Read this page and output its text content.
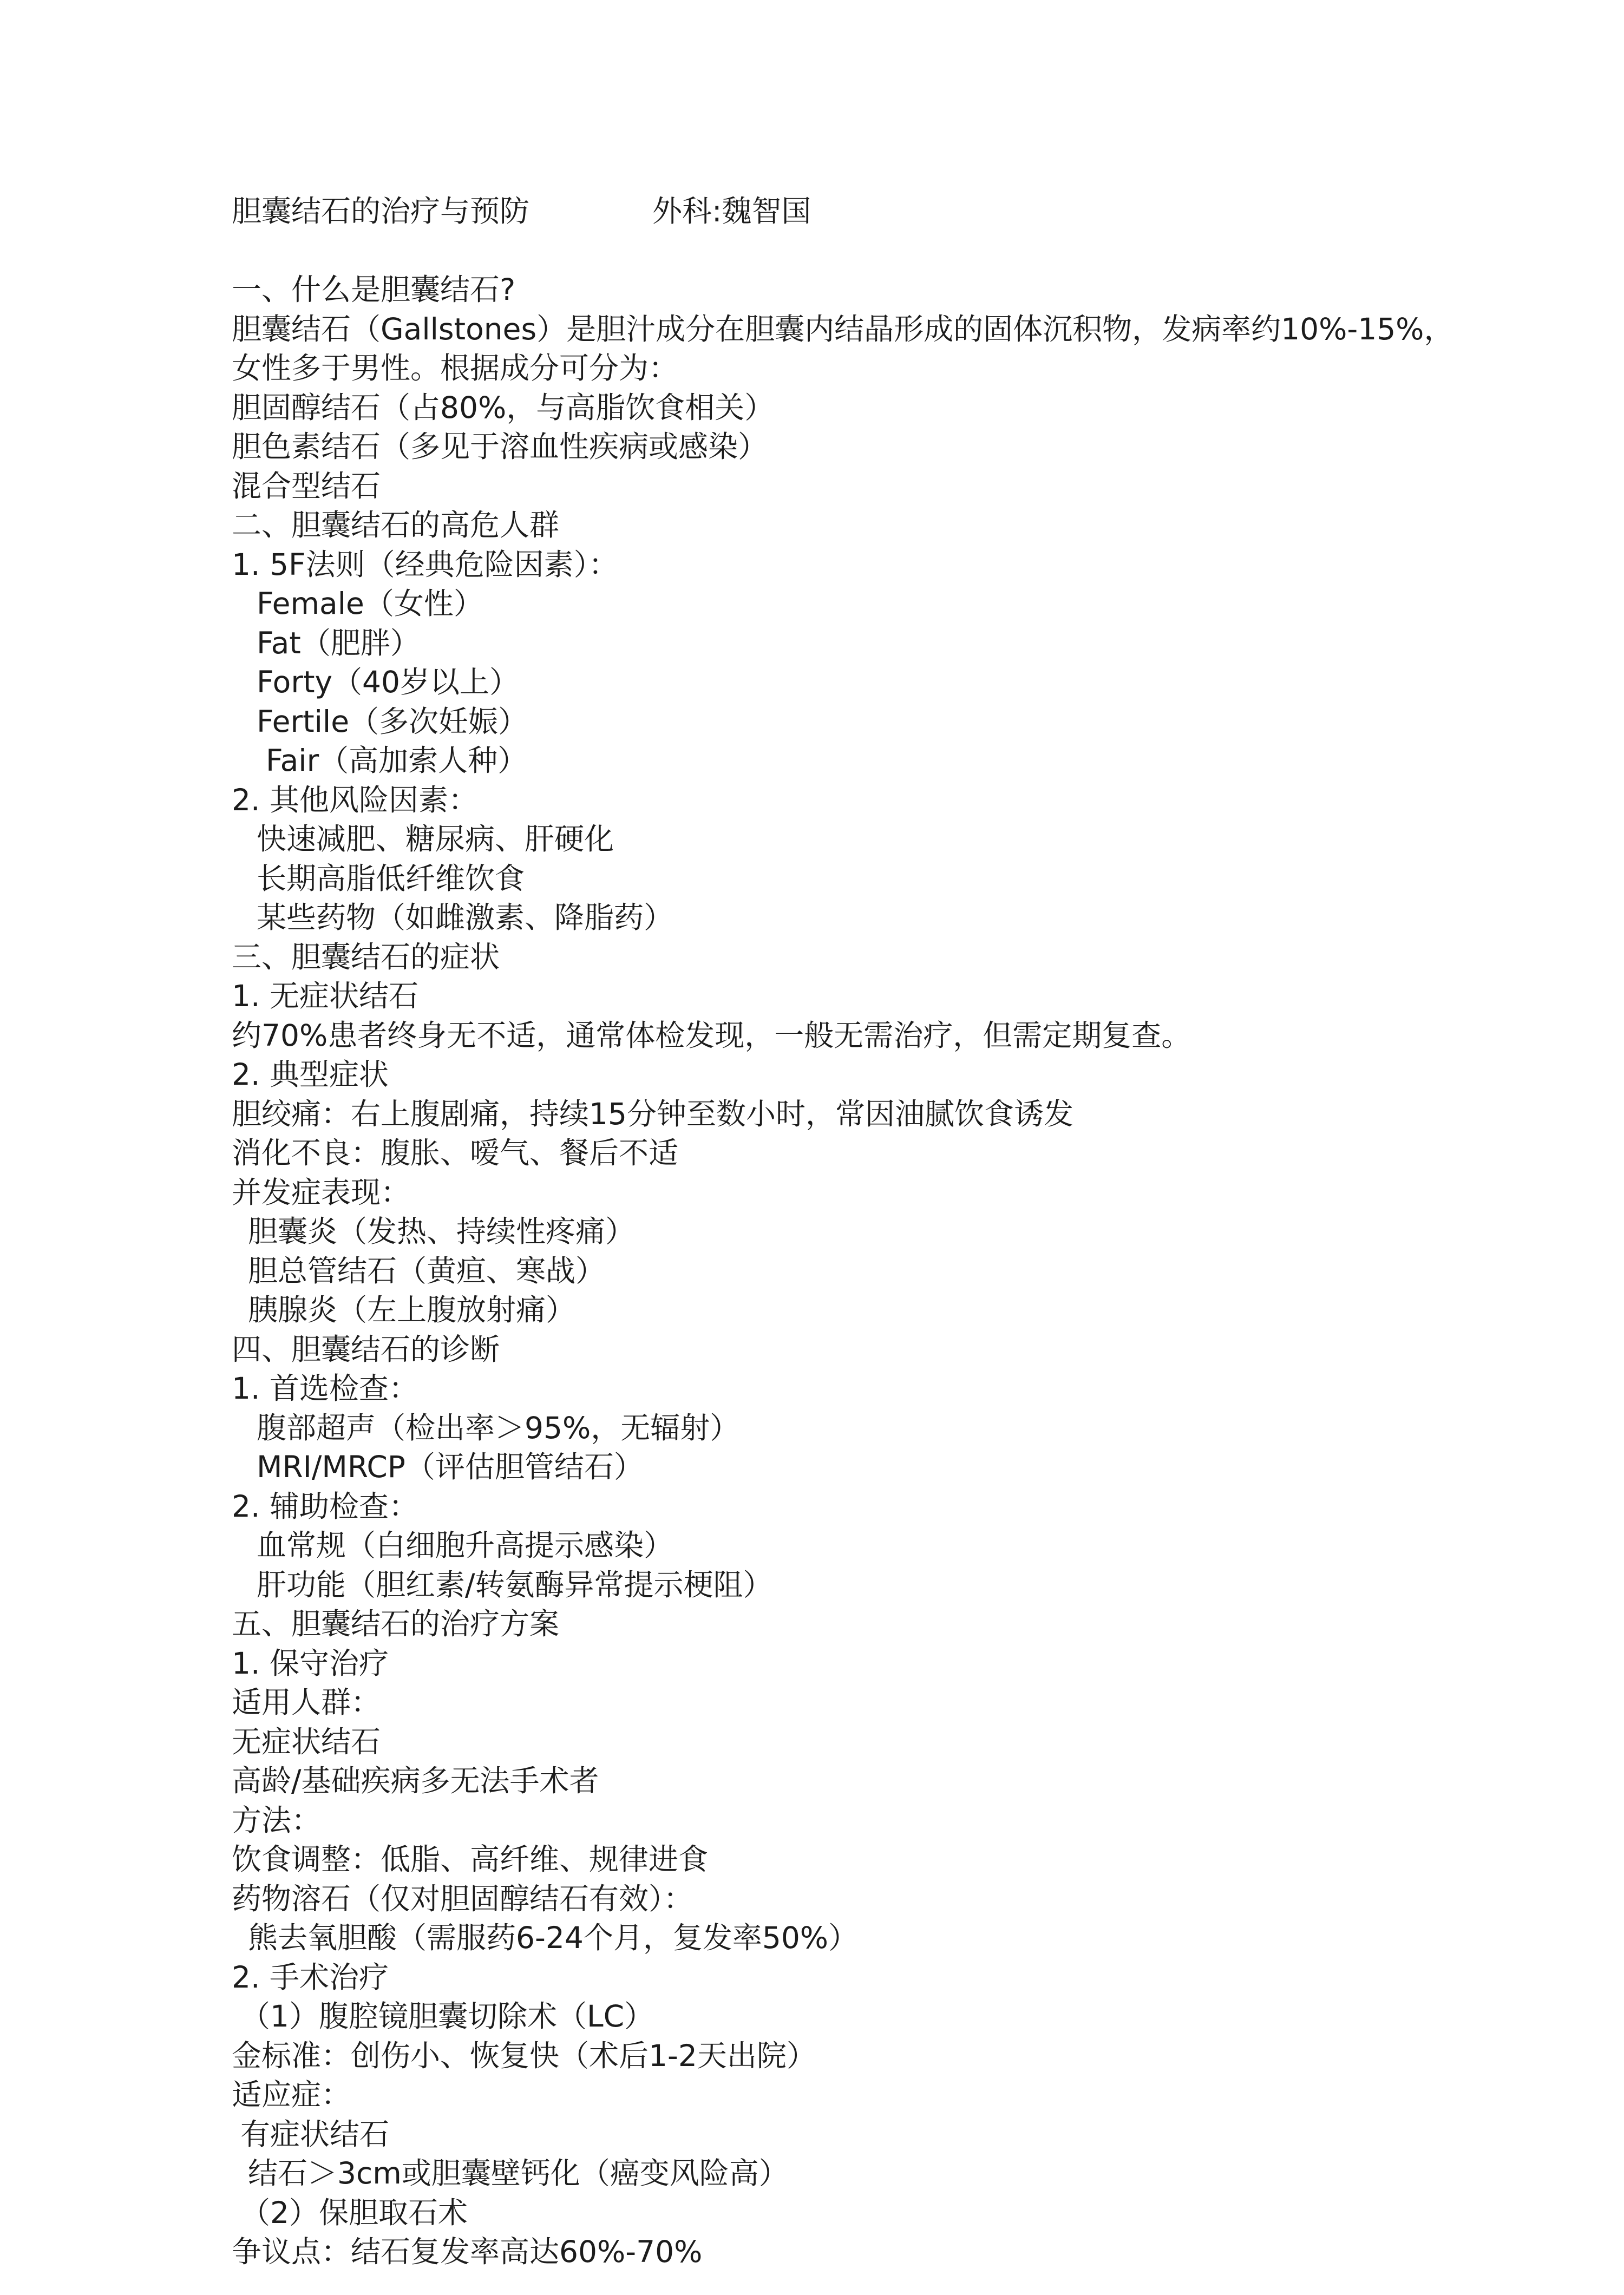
胆囊结石的治疗与预防	外科:魏智国
一、什么是胆囊结石?
胆囊结石（Gallstones）是胆汁成分在胆囊内结晶形成的固体沉积物，发病率约10%-15%，
女性多于男性。根据成分可分为：
胆固醇结石（占80%，与高脂饮食相关）
胆色素结石（多见于溶血性疾病或感染）
混合型结石
二、胆囊结石的高危人群
1. 5F法则（经典危险因素）：
Female（女性）
Fat（肥胖）
Forty（40岁以上）
Fertile（多次妊娠）
Fair（高加索人种）
2. 其他风险因素：
快速减肥、糖尿病、肝硬化
长期高脂低纤维饮食
某些药物（如雌激素、降脂药）
三、胆囊结石的症状
1. 无症状结石
约70%患者终身无不适，通常体检发现，一般无需治疗，但需定期复查。
2. 典型症状
胆绞痛：右上腹剧痛，持续15分钟至数小时，常因油腻饮食诱发
消化不良：腹胀、嗳气、餐后不适
并发症表现：
胆囊炎（发热、持续性疼痛）
胆总管结石（黄疸、寒战）
胰腺炎（左上腹放射痛）
四、胆囊结石的诊断
1. 首选检查：
腹部超声（检出率＞95%，无辐射）
MRI/MRCP（评估胆管结石）
2. 辅助检查：
血常规（白细胞升高提示感染）
肝功能（胆红素/转氨酶异常提示梗阻）
五、胆囊结石的治疗方案
1. 保守治疗
适用人群：
无症状结石
高龄/基础疾病多无法手术者
方法：
饮食调整：低脂、高纤维、规律进食
药物溶石（仅对胆固醇结石有效）：
熊去氧胆酸（需服药6-24个月，复发率50%）
2. 手术治疗
（1）腹腔镜胆囊切除术（LC）
金标准：创伤小、恢复快（术后1-2天出院）
适应症：
有症状结石
结石＞3cm或胆囊壁钙化（癌变风险高）
（2）保胆取石术
争议点：结石复发率高达60%-70%
